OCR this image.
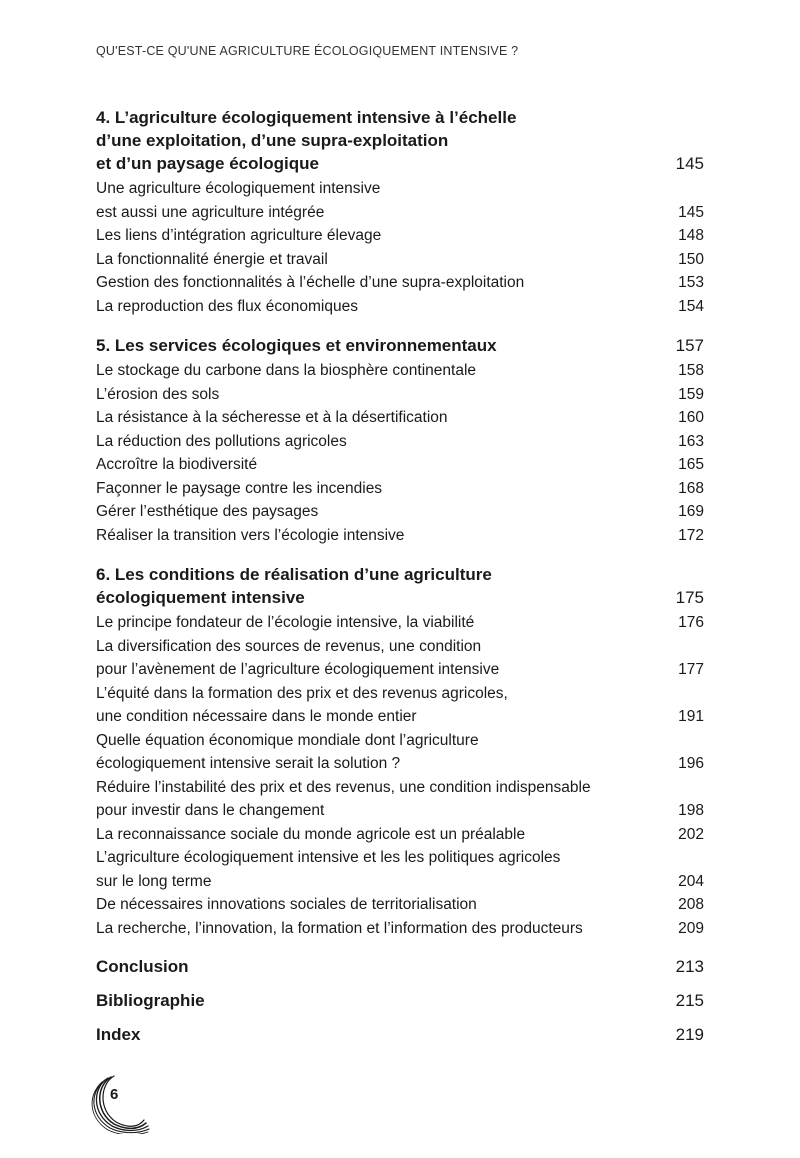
QU'EST-CE QU'UNE AGRICULTURE ÉCOLOGIQUEMENT INTENSIVE ?
4. L’agriculture écologiquement intensive à l’échelle
d’une exploitation, d’une supra-exploitation
et d’un paysage écologique	145
Une agriculture écologiquement intensive
est aussi une agriculture intégrée	145
Les liens d’intégration agriculture élevage	148
La fonctionnalité énergie et travail	150
Gestion des fonctionnalités à l’échelle d’une supra-exploitation	153
La reproduction des flux économiques	154
5. Les services écologiques et environnementaux	157
Le stockage du carbone dans la biosphère continentale	158
L’érosion des sols	159
La résistance à la sécheresse et à la désertification	160
La réduction des pollutions agricoles	163
Accroître la biodiversité	165
Façonner le paysage contre les incendies	168
Gérer l’esthétique des paysages	169
Réaliser la transition vers l’écologie intensive	172
6. Les conditions de réalisation d’une agriculture
écologiquement intensive	175
Le principe fondateur de l’écologie intensive, la viabilité	176
La diversification des sources de revenus, une condition
pour l’avènement de l’agriculture écologiquement intensive	177
L’équité dans la formation des prix et des revenus agricoles,
une condition nécessaire dans le monde entier	191
Quelle équation économique mondiale dont l’agriculture
écologiquement intensive serait la solution ?	196
Réduire l’instabilité des prix et des revenus, une condition indispensable
pour investir dans le changement	198
La reconnaissance sociale du monde agricole est un préalable	202
L’agriculture écologiquement intensive et les les politiques agricoles
sur le long terme	204
De nécessaires innovations sociales de territorialisation	208
La recherche, l’innovation, la formation et l’information des producteurs	209
Conclusion	213
Bibliographie	215
Index	219
6
